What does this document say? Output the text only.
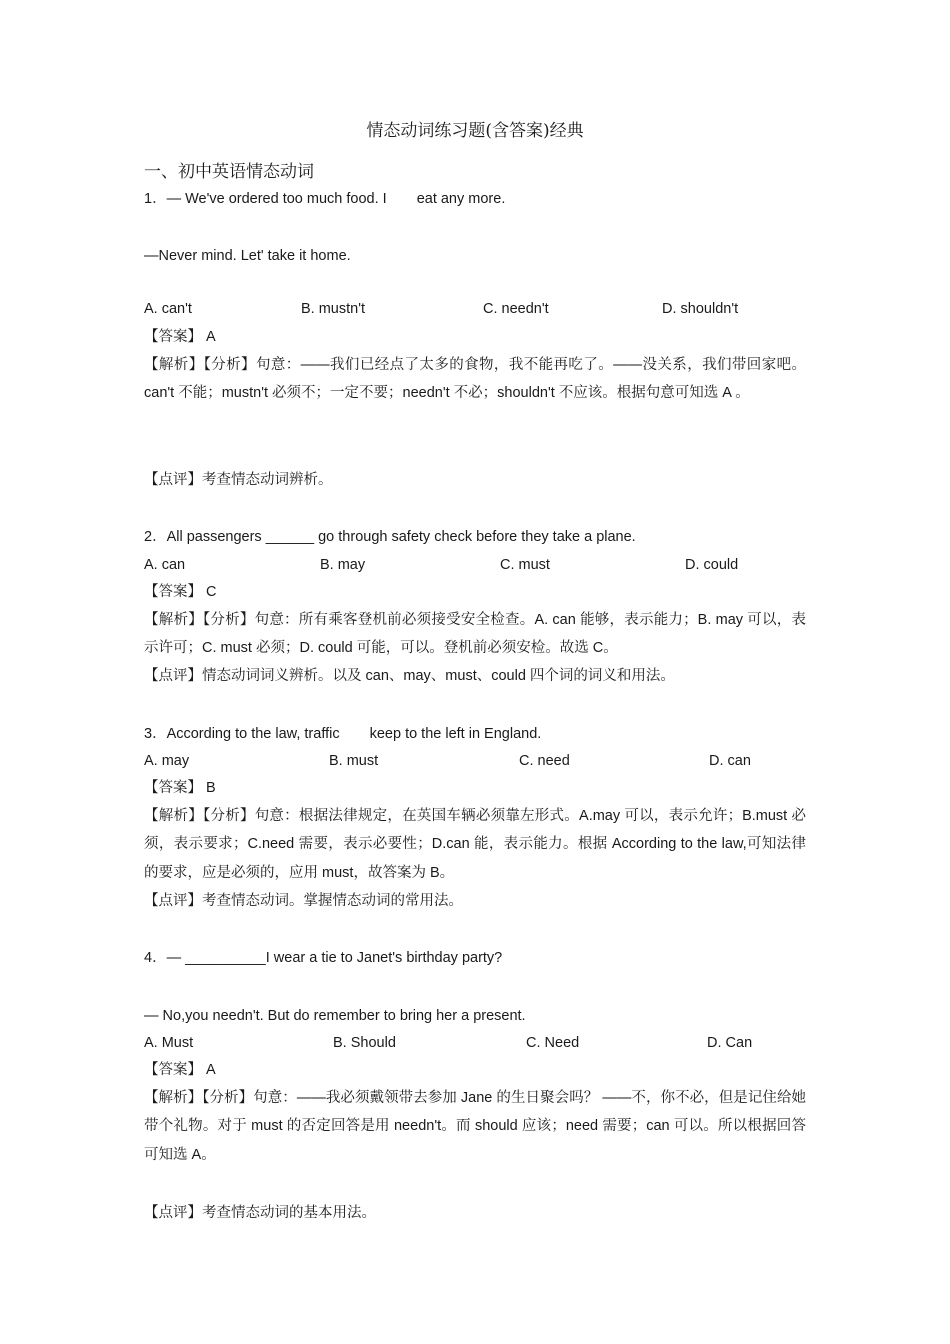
情态动词练习题(含答案)经典
一、初中英语情态动词
1．— We've ordered too much food. I eat any more.
—Never mind. Let' take it home.
A. can't	B. mustn't	C. needn't	D. shouldn't
【答案】 A
【解析】【分析】句意：——我们已经点了太多的食物，我不能再吃了。——没关系，我们带回家吧。can't 不能；mustn't 必须不；一定不要；needn't 不必；shouldn't 不应该。根据句意可知选 A 。
【点评】考查情态动词辨析。
2．All passengers ______ go through safety check before they take a plane.
A. can	B. may	C. must	D. could
【答案】 C
【解析】【分析】句意：所有乘客登机前必须接受安全检查。A. can 能够，表示能力；B. may 可以，表示许可；C. must 必须；D. could 可能，可以。登机前必须安检。故选 C。
【点评】情态动词词义辨析。以及 can、may、must、could 四个词的词义和用法。
3．According to the law, traffic keep to the left in England.
A. may	B. must	C. need	D. can
【答案】 B
【解析】【分析】句意：根据法律规定，在英国车辆必须靠左形式。A.may 可以，表示允许；B.must 必须，表示要求；C.need 需要，表示必要性；D.can 能，表示能力。根据 According to the law,可知法律的要求，应是必须的，应用 must，故答案为 B。
【点评】考查情态动词。掌握情态动词的常用法。
4．— __________I wear a tie to Janet's birthday party?
— No,you needn't. But do remember to bring her a present.
A. Must	B. Should	C. Need	D. Can
【答案】 A
【解析】【分析】句意：——我必须戴领带去参加 Jane 的生日聚会吗？ ——不，你不必，但是记住给她带个礼物。对于 must 的否定回答是用 needn't。而 should 应该；need 需要；can 可以。所以根据回答可知选 A。
【点评】考查情态动词的基本用法。
